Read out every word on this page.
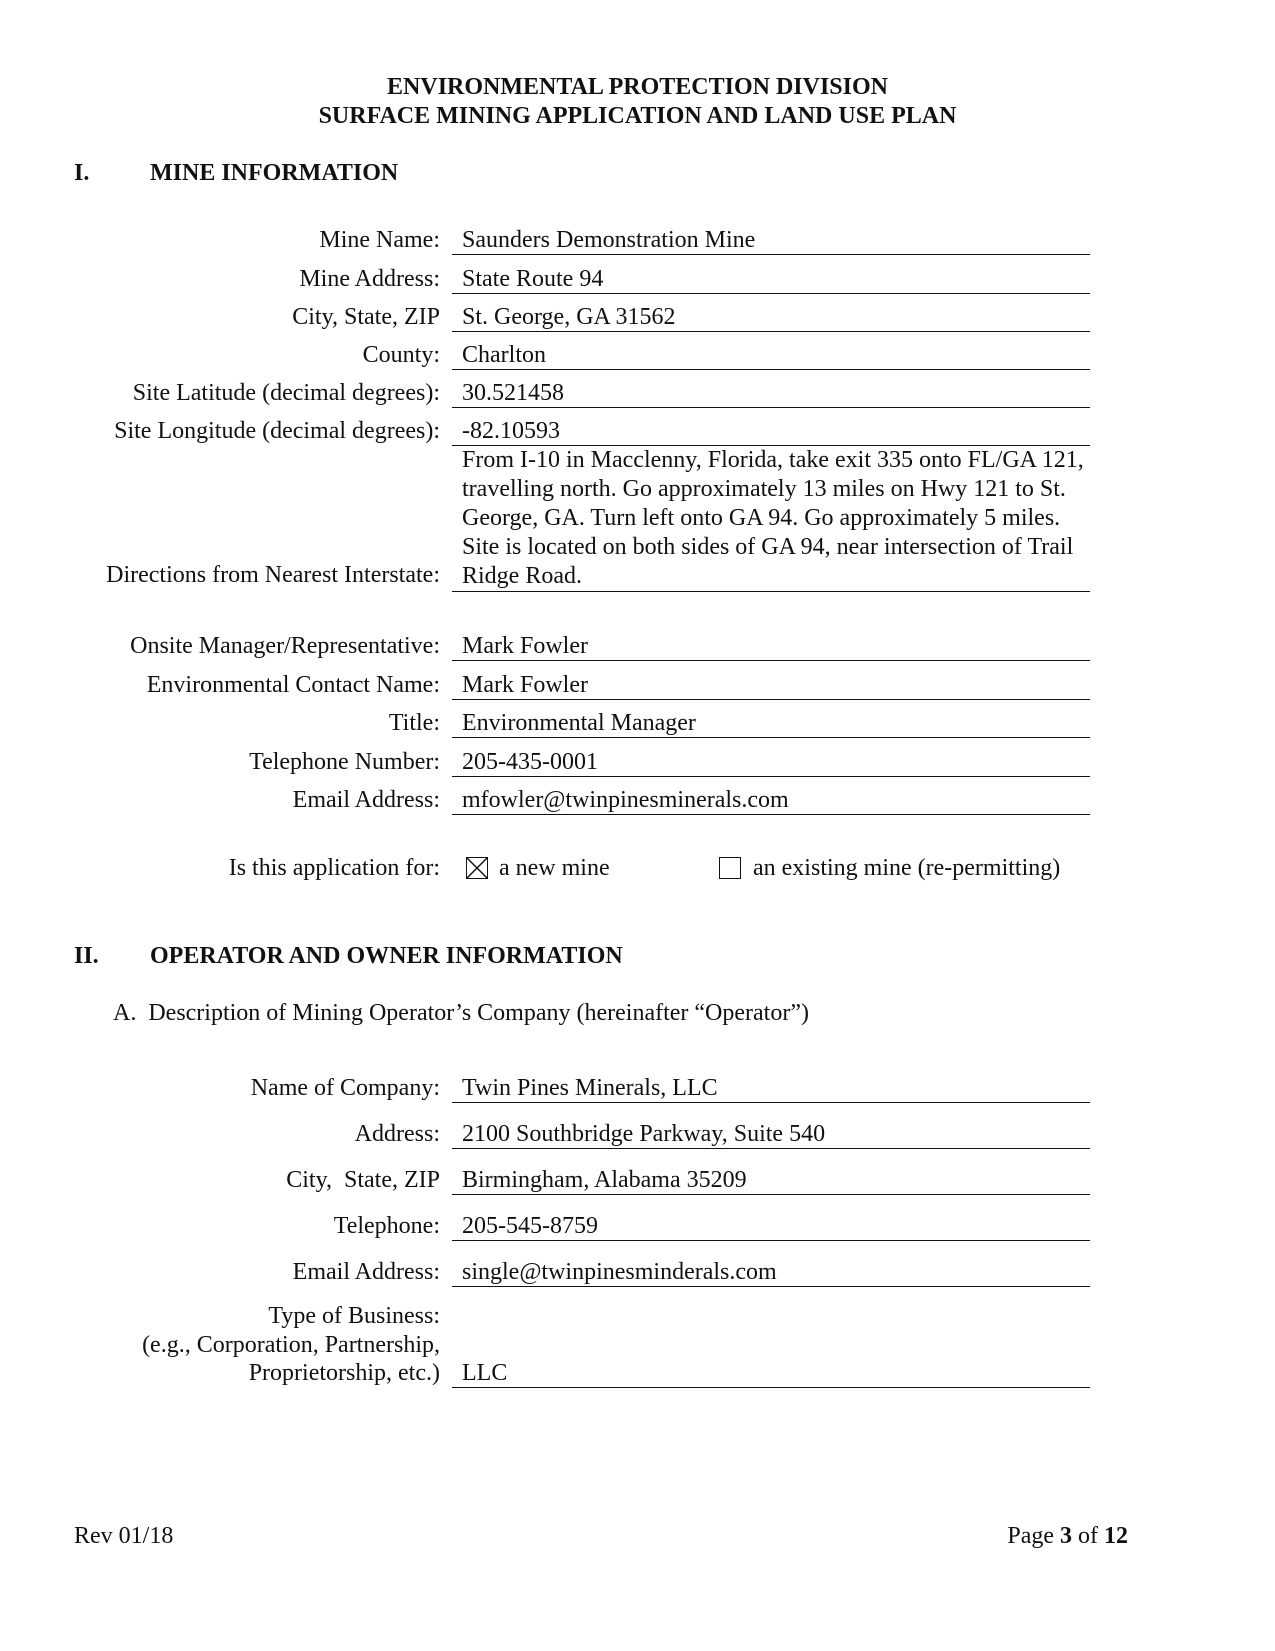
ENVIRONMENTAL PROTECTION DIVISION
SURFACE MINING APPLICATION AND LAND USE PLAN
I.	MINE INFORMATION
Mine Name: Saunders Demonstration Mine
Mine Address: State Route 94
City, State, ZIP St. George, GA 31562
County: Charlton
Site Latitude (decimal degrees): 30.521458
Site Longitude (decimal degrees): -82.10593
Directions from Nearest Interstate:
From I-10 in Macclenny, Florida, take exit 335 onto FL/GA 121, travelling north. Go approximately 13 miles on Hwy 121 to St. George, GA. Turn left onto GA 94. Go approximately 5 miles. Site is located on both sides of GA 94, near intersection of Trail Ridge Road.
Onsite Manager/Representative: Mark Fowler
Environmental Contact Name: Mark Fowler
Title: Environmental Manager
Telephone Number: 205-435-0001
Email Address: mfowler@twinpinesminerals.com
Is this application for: a new mine	an existing mine (re-permitting)
II. OPERATOR AND OWNER INFORMATION
A.  Description of Mining Operator’s Company (hereinafter “Operator”)
Name of Company: Twin Pines Minerals, LLC
Address: 2100 Southbridge Parkway, Suite 540
City,  State, ZIP Birmingham, Alabama 35209
Telephone: 205-545-8759
Email Address: single@twinpinesminderals.com
Type of Business:
(e.g., Corporation, Partnership,
Proprietorship, etc.) LLC
Rev 01/18	Page 3 of 12
